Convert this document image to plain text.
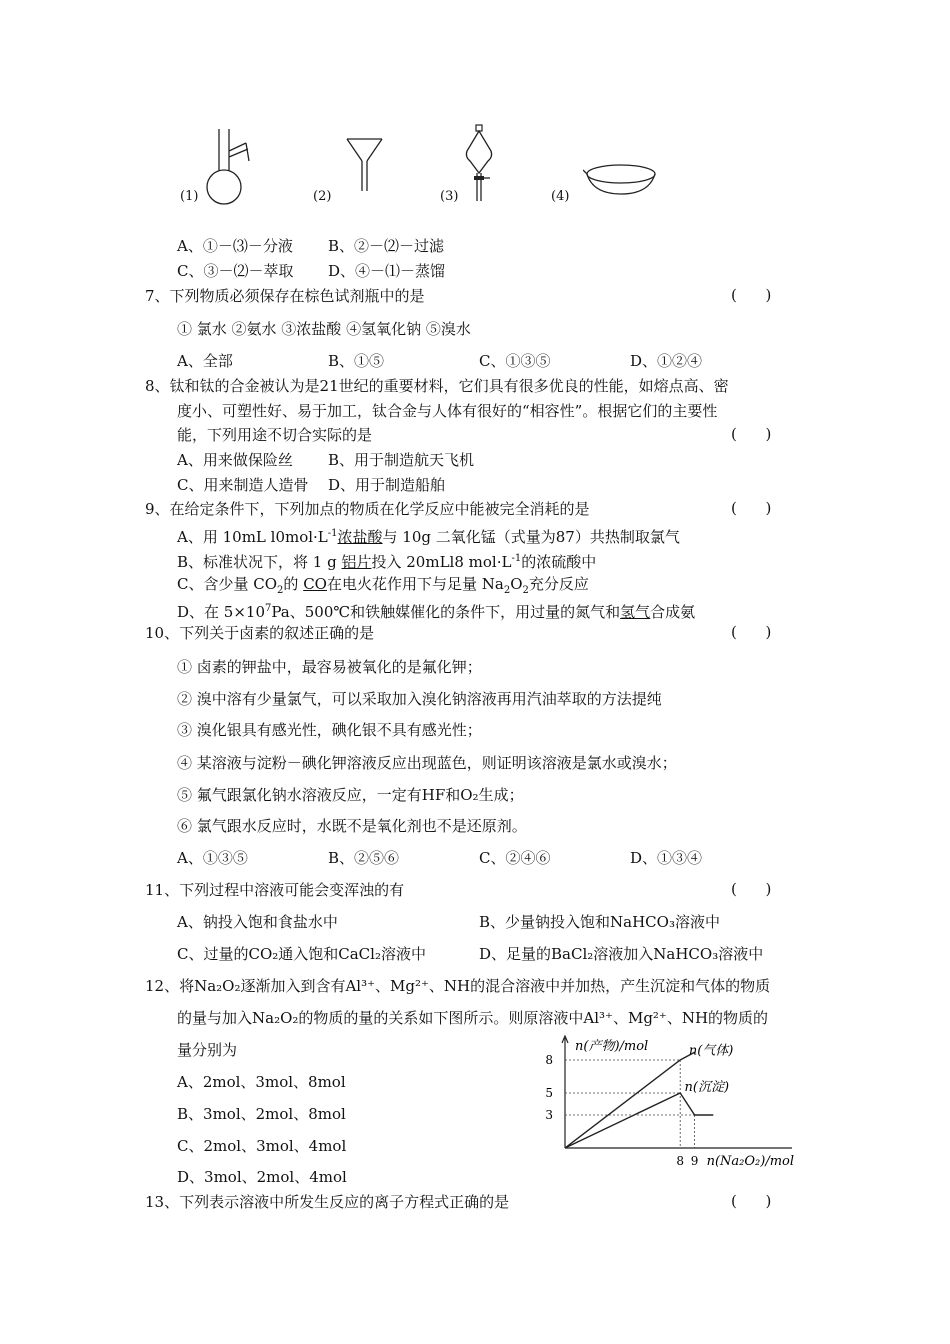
(1)	(2)	(3)	(4)
A、①－⑶－分液 B、②－⑵－过滤
C、③－⑵－萃取 D、④－⑴－蒸馏
7、下列物质必须保存在棕色试剂瓶中的是	(      )
① 氯水 ②氨水 ③浓盐酸 ④氢氧化钠 ⑤溴水
A、全部	B、①⑤	C、①③⑤	D、①②④
8、钛和钛的合金被认为是21世纪的重要材料，它们具有很多优良的性能，如熔点高、密
度小、可塑性好、易于加工，钛合金与人体有很好的“相容性”。根据它们的主要性
能，下列用途不切合实际的是	(      )
A、用来做保险丝 B、用于制造航天飞机
C、用来制造人造骨 D、用于制造船舶
9、在给定条件下，下列加点的物质在化学反应中能被完全消耗的是	(      )
A、用 10mL $l0mol\cdot L^{-1}$浓盐酸与 10g 二氧化锰（式量为87）共热制取氯气
B、标准状况下，将 1 g 铝片投入 20mLl8 $mol\cdot L^{-1}$的浓硫酸中
C、含少量 $CO_2$的 CO在电火花作用下与足量 $Na_2O_2$充分反应
D、在 $5\times 10^7Pa$、500℃和铁触媒催化的条件下，用过量的氮气和氢气合成氨
10、下列关于卤素的叙述正确的是	(      )
① 卤素的钾盐中，最容易被氧化的是氟化钾；
② 溴中溶有少量氯气，可以采取加入溴化钠溶液再用汽油萃取的方法提纯
③ 溴化银具有感光性，碘化银不具有感光性；
④ 某溶液与淀粉－碘化钾溶液反应出现蓝色，则证明该溶液是氯水或溴水；
⑤ 氟气跟氯化钠水溶液反应，一定有HF和O₂生成；
⑥ 氯气跟水反应时，水既不是氧化剂也不是还原剂。
A、①③⑤	B、②⑤⑥	C、②④⑥	D、①③④
11、下列过程中溶液可能会变浑浊的有	(      )
A、钠投入饱和食盐水中	B、少量钠投入饱和NaHCO₃溶液中
C、过量的CO₂通入饱和CaCl₂溶液中	D、足量的BaCl₂溶液加入NaHCO₃溶液中
12、将Na₂O₂逐渐加入到含有Al³⁺、Mg²⁺、NH的混合溶液中并加热，产生沉淀和气体的物质
的量与加入Na₂O₂的物质的量的关系如下图所示。则原溶液中Al³⁺、Mg²⁺、NH的物质的
量分别为
A、2mol、3mol、8mol
B、3mol、2mol、8mol
C、2mol、3mol、4mol
D、3mol、2mol、4mol
8
5
3
8 9
n(气体)
n(沉淀)
n(产物)/mol
n(Na₂O₂)/mol
13、下列表示溶液中所发生反应的离子方程式正确的是	(      )
